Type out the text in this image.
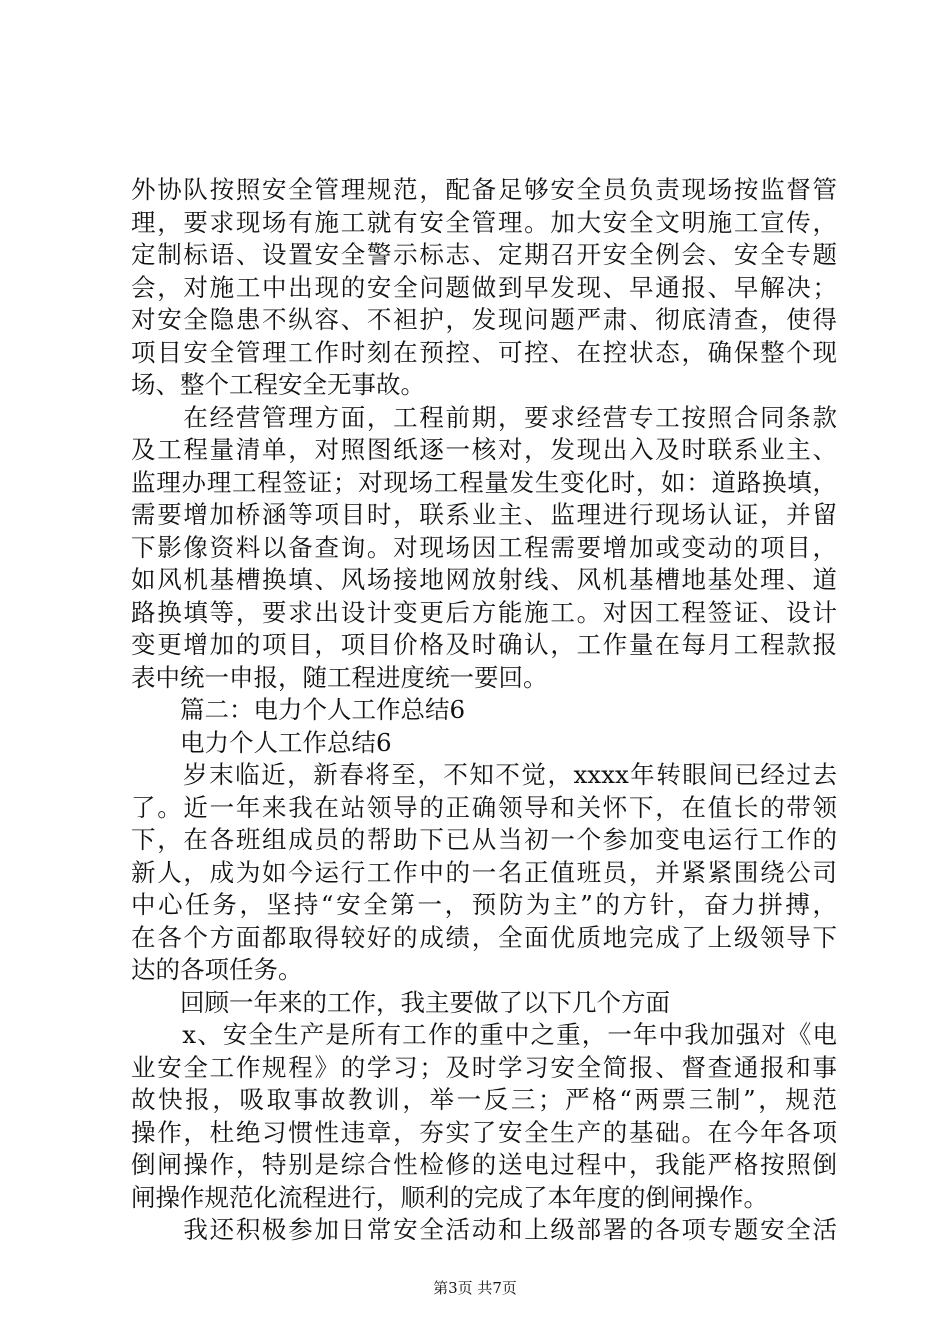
外协队按照安全管理规范，配备足够安全员负责现场按监督管
理，要求现场有施工就有安全管理。加大安全文明施工宣传，
定制标语、设置安全警示标志、定期召开安全例会、安全专题
会，对施工中出现的安全问题做到早发现、早通报、早解决；
对安全隐患不纵容、不袒护，发现问题严肃、彻底清查，使得
项目安全管理工作时刻在预控、可控、在控状态，确保整个现
场、整个工程安全无事故。
　　在经营管理方面，工程前期，要求经营专工按照合同条款
及工程量清单，对照图纸逐一核对，发现出入及时联系业主、
监理办理工程签证；对现场工程量发生变化时，如：道路换填，
需要增加桥涵等项目时，联系业主、监理进行现场认证，并留
下影像资料以备查询。对现场因工程需要增加或变动的项目，
如风机基槽换填、风场接地网放射线、风机基槽地基处理、道
路换填等，要求出设计变更后方能施工。对因工程签证、设计
变更增加的项目，项目价格及时确认，工作量在每月工程款报
表中统一申报，随工程进度统一要回。
　　篇二：电力个人工作总结6
　　电力个人工作总结6
　　岁末临近，新春将至，不知不觉，xxxx年转眼间已经过去
了。近一年来我在站领导的正确领导和关怀下，在值长的带领
下，在各班组成员的帮助下已从当初一个参加变电运行工作的
新人，成为如今运行工作中的一名正值班员，并紧紧围绕公司
中心任务，坚持“安全第一，预防为主”的方针，奋力拼搏，
在各个方面都取得较好的成绩，全面优质地完成了上级领导下
达的各项任务。
　　回顾一年来的工作，我主要做了以下几个方面
　　x、安全生产是所有工作的重中之重，一年中我加强对《电
业安全工作规程》的学习；及时学习安全简报、督查通报和事
故快报，吸取事故教训，举一反三；严格“两票三制”，规范
操作，杜绝习惯性违章，夯实了安全生产的基础。在今年各项
倒闸操作，特别是综合性检修的送电过程中，我能严格按照倒
闸操作规范化流程进行，顺利的完成了本年度的倒闸操作。
　　我还积极参加日常安全活动和上级部署的各项专题安全活
第3页 共7页
